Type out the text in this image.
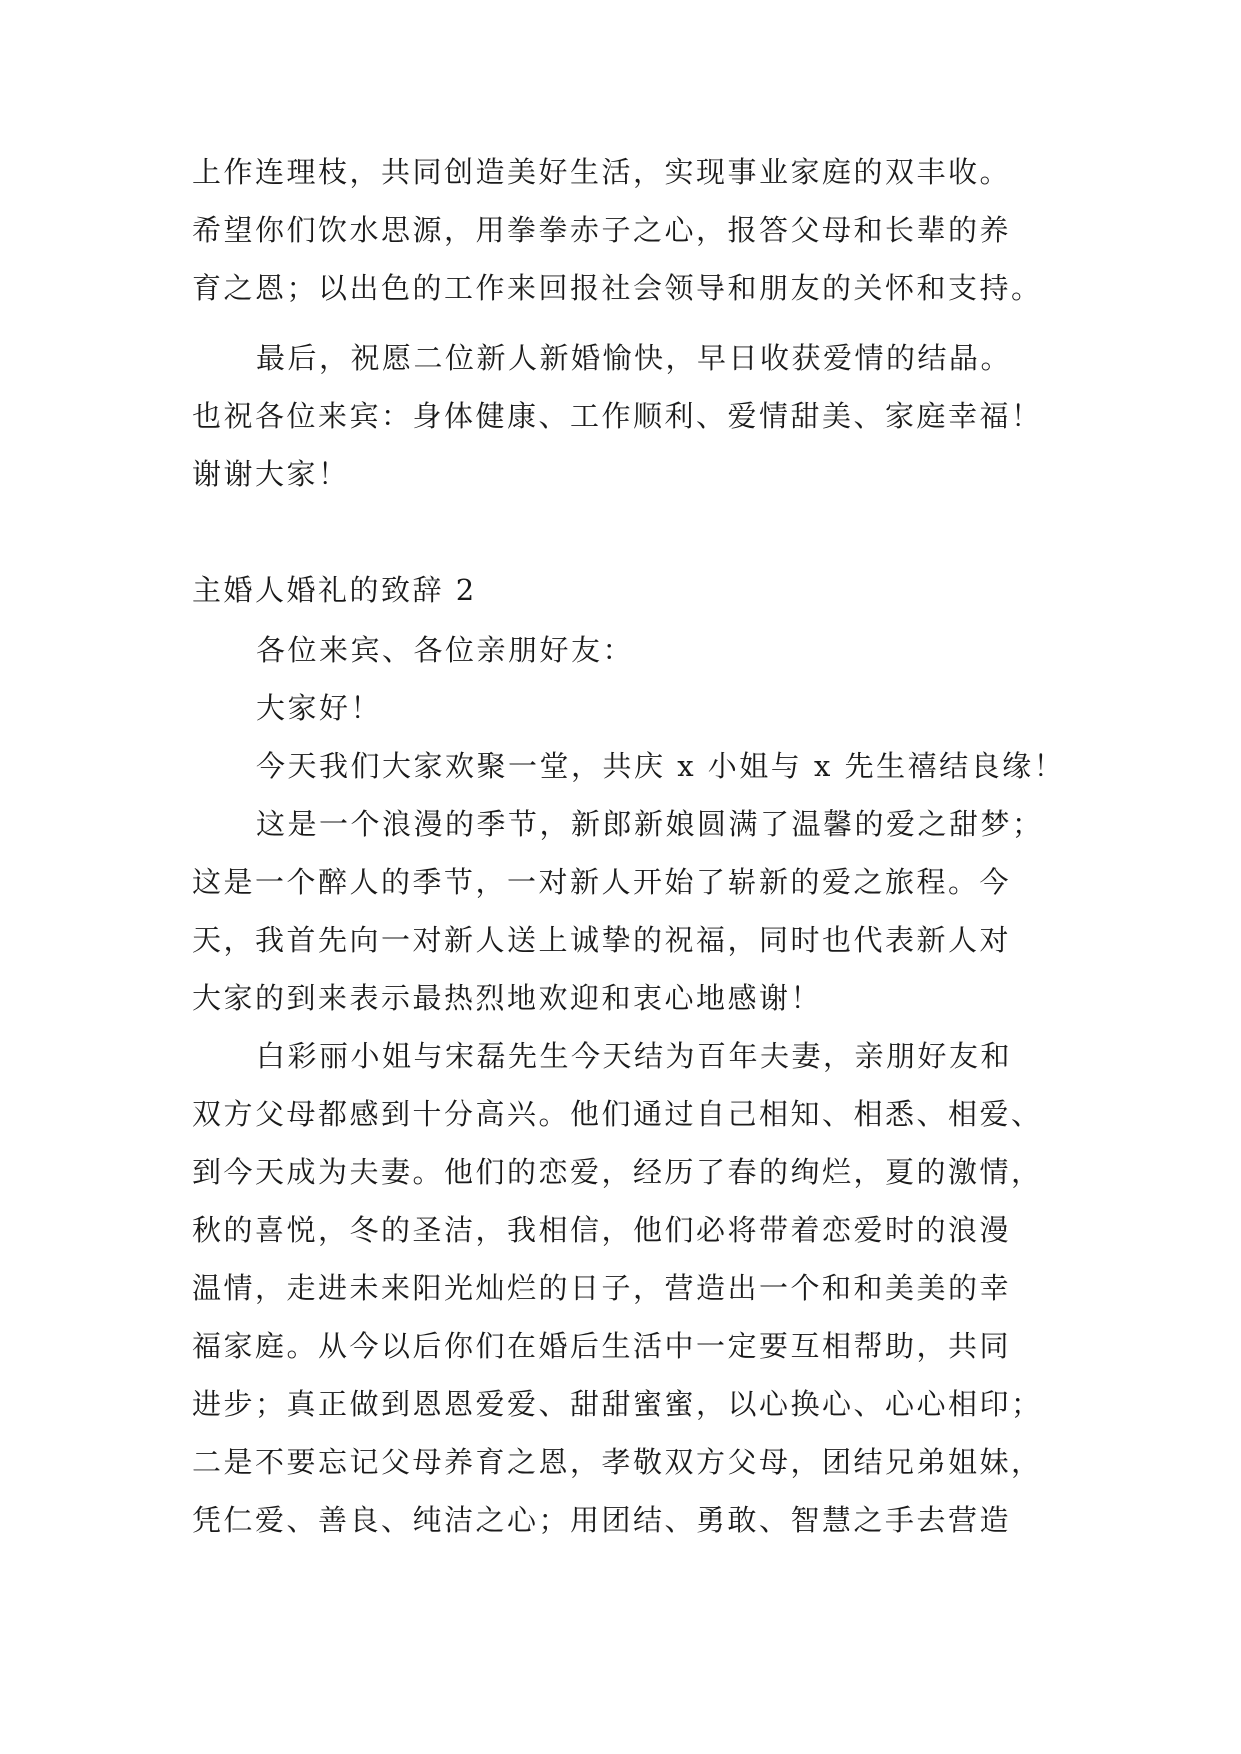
上作连理枝，共同创造美好生活，实现事业家庭的双丰收。
希望你们饮水思源，用拳拳赤子之心，报答父母和长辈的养
育之恩；以出色的工作来回报社会领导和朋友的关怀和支持。
最后，祝愿二位新人新婚愉快，早日收获爱情的结晶。
也祝各位来宾：身体健康、工作顺利、爱情甜美、家庭幸福！
谢谢大家！
主婚人婚礼的致辞 2
各位来宾、各位亲朋好友：
大家好！
今天我们大家欢聚一堂，共庆 x 小姐与 x 先生禧结良缘！
这是一个浪漫的季节，新郎新娘圆满了温馨的爱之甜梦；
这是一个醉人的季节，一对新人开始了崭新的爱之旅程。今
天，我首先向一对新人送上诚挚的祝福，同时也代表新人对
大家的到来表示最热烈地欢迎和衷心地感谢！
白彩丽小姐与宋磊先生今天结为百年夫妻，亲朋好友和
双方父母都感到十分高兴。他们通过自己相知、相悉、相爱、
到今天成为夫妻。他们的恋爱，经历了春的绚烂，夏的激情，
秋的喜悦，冬的圣洁，我相信，他们必将带着恋爱时的浪漫
温情，走进未来阳光灿烂的日子，营造出一个和和美美的幸
福家庭。从今以后你们在婚后生活中一定要互相帮助，共同
进步；真正做到恩恩爱爱、甜甜蜜蜜，以心换心、心心相印；
二是不要忘记父母养育之恩，孝敬双方父母，团结兄弟姐妹，
凭仁爱、善良、纯洁之心；用团结、勇敢、智慧之手去营造
